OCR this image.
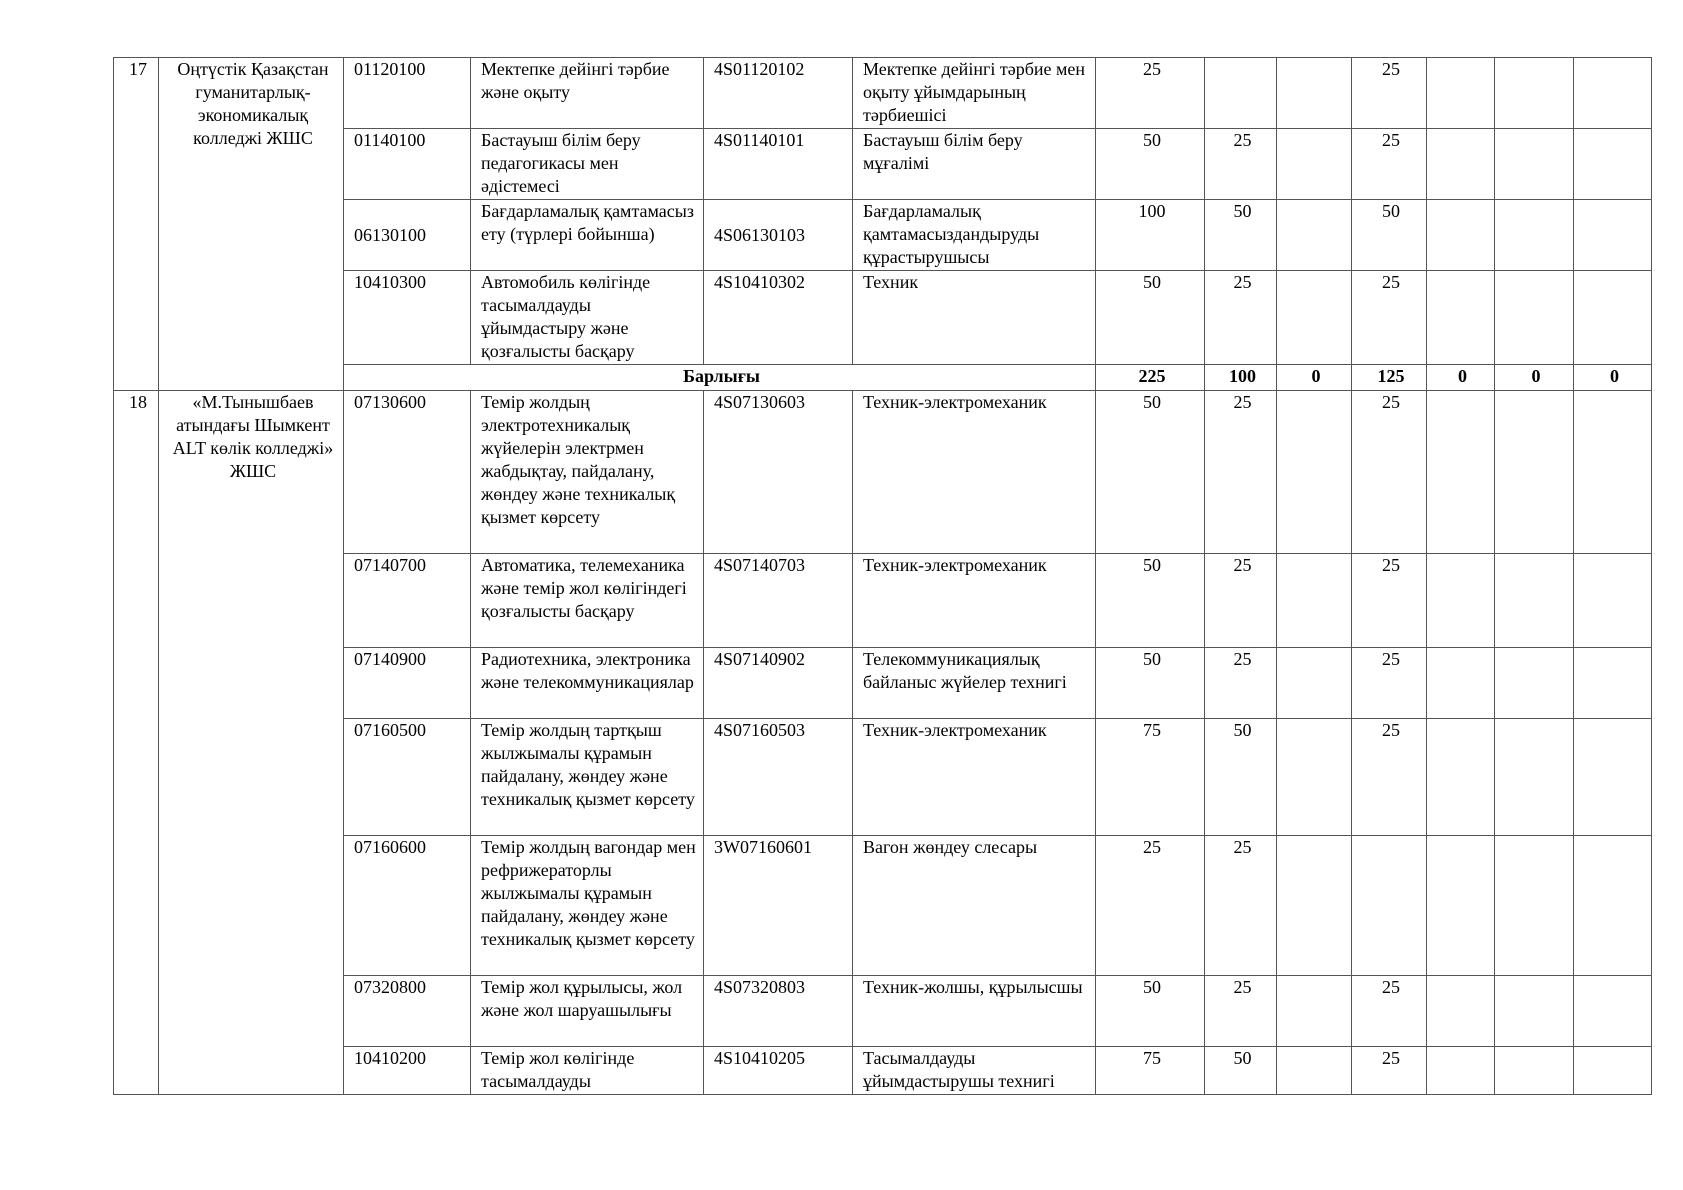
17	Оңтүстік Қазақстан гуманитарлық-экономикалық колледжі ЖШС	01120100	Мектепке дейінгі тәрбие және оқыту	4S01120102	Мектепке дейінгі тәрбие мен оқыту ұйымдарының тәрбиешісі	25			25			
		01140100	Бастауыш білім беру педагогикасы мен әдістемесі	4S01140101	Бастауыш білім беру мұғалімі	50	25		25			
		06130100	Бағдарламалық қамтамасыз ету (түрлері бойынша)	4S06130103	Бағдарламалық қамтамасыздандыруды құрастырушысы	100	50		50			
		10410300	Автомобиль көлігінде тасымалдауды ұйымдастыру және қозғалысты басқару	4S10410302	Техник	50	25		25			
		Барлығы				225	100	0	125	0	0	0
18	«М.Тынышбаев атындағы Шымкент ALT көлік колледжі» ЖШС	07130600	Темір жолдың электротехникалық жүйелерін электрмен жабдықтау, пайдалану, жөндеу және техникалық қызмет көрсету	4S07130603	Техник-электромеханик	50	25		25			
		07140700	Автоматика, телемеханика және темір жол көлігіндегі қозғалысты басқару	4S07140703	Техник-электромеханик	50	25		25			
		07140900	Радиотехника, электроника және телекоммуникациялар	4S07140902	Телекоммуникациялық байланыс жүйелер технигі	50	25		25			
		07160500	Темір жолдың тартқыш жылжымалы құрамын пайдалану, жөндеу және техникалық қызмет көрсету	4S07160503	Техник-электромеханик	75	50		25			
		07160600	Темір жолдың вагондар мен рефрижераторлы жылжымалы құрамын пайдалану, жөндеу және техникалық қызмет көрсету	3W07160601	Вагон жөндеу слесары	25	25					
		07320800	Темір жол құрылысы, жол және жол шаруашылығы	4S07320803	Техник-жолшы, құрылысшы	50	25		25			
		10410200	Темір жол көлігінде тасымалдауды	4S10410205	Тасымалдауды ұйымдастырушы технигі	75	50		25			
